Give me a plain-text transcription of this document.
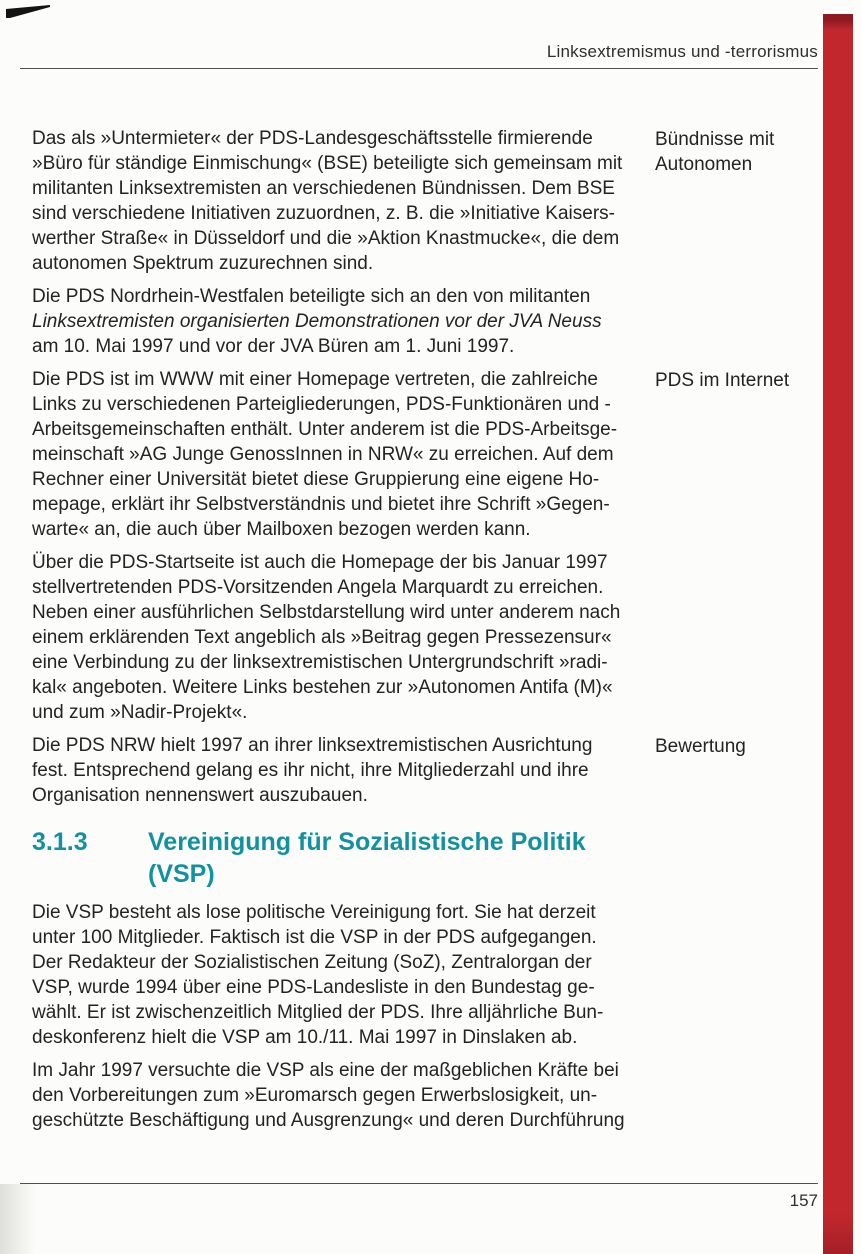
Linksextremismus und -terrorismus
Das als »Untermieter« der PDS-Landesgeschäftsstelle firmierende
»Büro für ständige Einmischung« (BSE) beteiligte sich gemeinsam mit
militanten Linksextremisten an verschiedenen Bündnissen. Dem BSE
sind verschiedene Initiativen zuzuordnen, z. B. die »Initiative Kaisers-
werther Straße« in Düsseldorf und die »Aktion Knastmucke«, die dem
autonomen Spektrum zuzurechnen sind.
Bündnisse mit
Autonomen
Die PDS Nordrhein-Westfalen beteiligte sich an den von militanten
Linksextremisten organisierten Demonstrationen vor der JVA Neuss
am 10. Mai 1997 und vor der JVA Büren am 1. Juni 1997.
Die PDS ist im WWW mit einer Homepage vertreten, die zahlreiche
Links zu verschiedenen Parteigliederungen, PDS-Funktionären und -
Arbeitsgemeinschaften enthält. Unter anderem ist die PDS-Arbeitsge-
meinschaft »AG Junge GenossInnen in NRW« zu erreichen. Auf dem
Rechner einer Universität bietet diese Gruppierung eine eigene Ho-
mepage, erklärt ihr Selbstverständnis und bietet ihre Schrift »Gegen-
warte« an, die auch über Mailboxen bezogen werden kann.
PDS im Internet
Über die PDS-Startseite ist auch die Homepage der bis Januar 1997
stellvertretenden PDS-Vorsitzenden Angela Marquardt zu erreichen.
Neben einer ausführlichen Selbstdarstellung wird unter anderem nach
einem erklärenden Text angeblich als »Beitrag gegen Pressezensur«
eine Verbindung zu der linksextremistischen Untergrundschrift »radi-
kal« angeboten. Weitere Links bestehen zur »Autonomen Antifa (M)«
und zum »Nadir-Projekt«.
Die PDS NRW hielt 1997 an ihrer linksextremistischen Ausrichtung
fest. Entsprechend gelang es ihr nicht, ihre Mitgliederzahl und ihre
Organisation nennenswert auszubauen.
Bewertung
3.1.3	Vereinigung für Sozialistische Politik
(VSP)
Die VSP besteht als lose politische Vereinigung fort. Sie hat derzeit
unter 100 Mitglieder. Faktisch ist die VSP in der PDS aufgegangen.
Der Redakteur der Sozialistischen Zeitung (SoZ), Zentralorgan der
VSP, wurde 1994 über eine PDS-Landesliste in den Bundestag ge-
wählt. Er ist zwischenzeitlich Mitglied der PDS. Ihre alljährliche Bun-
deskonferenz hielt die VSP am 10./11. Mai 1997 in Dinslaken ab.
Im Jahr 1997 versuchte die VSP als eine der maßgeblichen Kräfte bei
den Vorbereitungen zum »Euromarsch gegen Erwerbslosigkeit, un-
geschützte Beschäftigung und Ausgrenzung« und deren Durchführung
157
